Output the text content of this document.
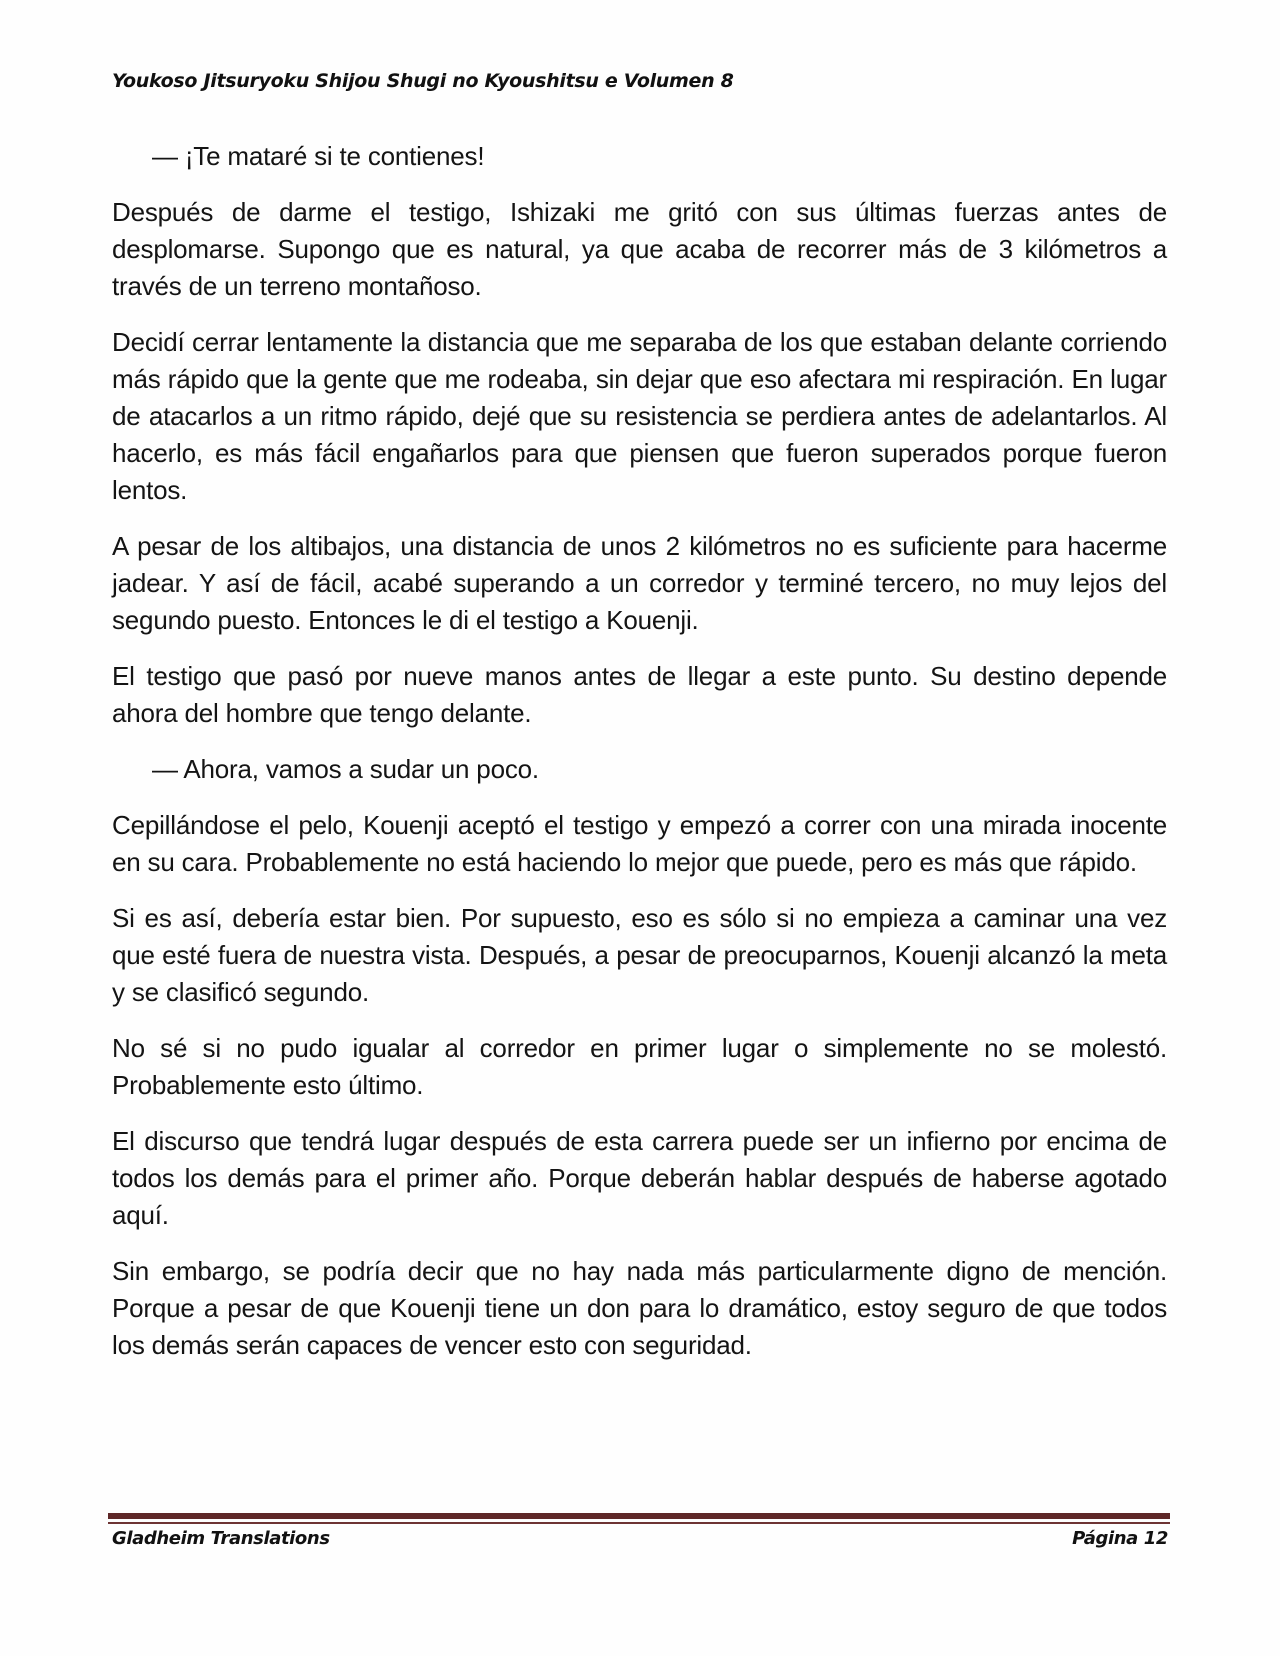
Youkoso Jitsuryoku Shijou Shugi no Kyoushitsu e Volumen 8

— ¡Te mataré si te contienes!

Después de darme el testigo, Ishizaki me gritó con sus últimas fuerzas antes de desplomarse. Supongo que es natural, ya que acaba de recorrer más de 3 kilómetros a través de un terreno montañoso.

Decidí cerrar lentamente la distancia que me separaba de los que estaban delante corriendo más rápido que la gente que me rodeaba, sin dejar que eso afectara mi respiración. En lugar de atacarlos a un ritmo rápido, dejé que su resistencia se perdiera antes de adelantarlos. Al hacerlo, es más fácil engañarlos para que piensen que fueron superados porque fueron lentos.

A pesar de los altibajos, una distancia de unos 2 kilómetros no es suficiente para hacerme jadear. Y así de fácil, acabé superando a un corredor y terminé tercero, no muy lejos del segundo puesto. Entonces le di el testigo a Kouenji.

El testigo que pasó por nueve manos antes de llegar a este punto. Su destino depende ahora del hombre que tengo delante.

— Ahora, vamos a sudar un poco.

Cepillándose el pelo, Kouenji aceptó el testigo y empezó a correr con una mirada inocente en su cara. Probablemente no está haciendo lo mejor que puede, pero es más que rápido.

Si es así, debería estar bien. Por supuesto, eso es sólo si no empieza a caminar una vez que esté fuera de nuestra vista. Después, a pesar de preocuparnos, Kouenji alcanzó la meta y se clasificó segundo.

No sé si no pudo igualar al corredor en primer lugar o simplemente no se molestó. Probablemente esto último.

El discurso que tendrá lugar después de esta carrera puede ser un infierno por encima de todos los demás para el primer año. Porque deberán hablar después de haberse agotado aquí.

Sin embargo, se podría decir que no hay nada más particularmente digno de mención. Porque a pesar de que Kouenji tiene un don para lo dramático, estoy seguro de que todos los demás serán capaces de vencer esto con seguridad.

Gladheim Translations	Página 12
